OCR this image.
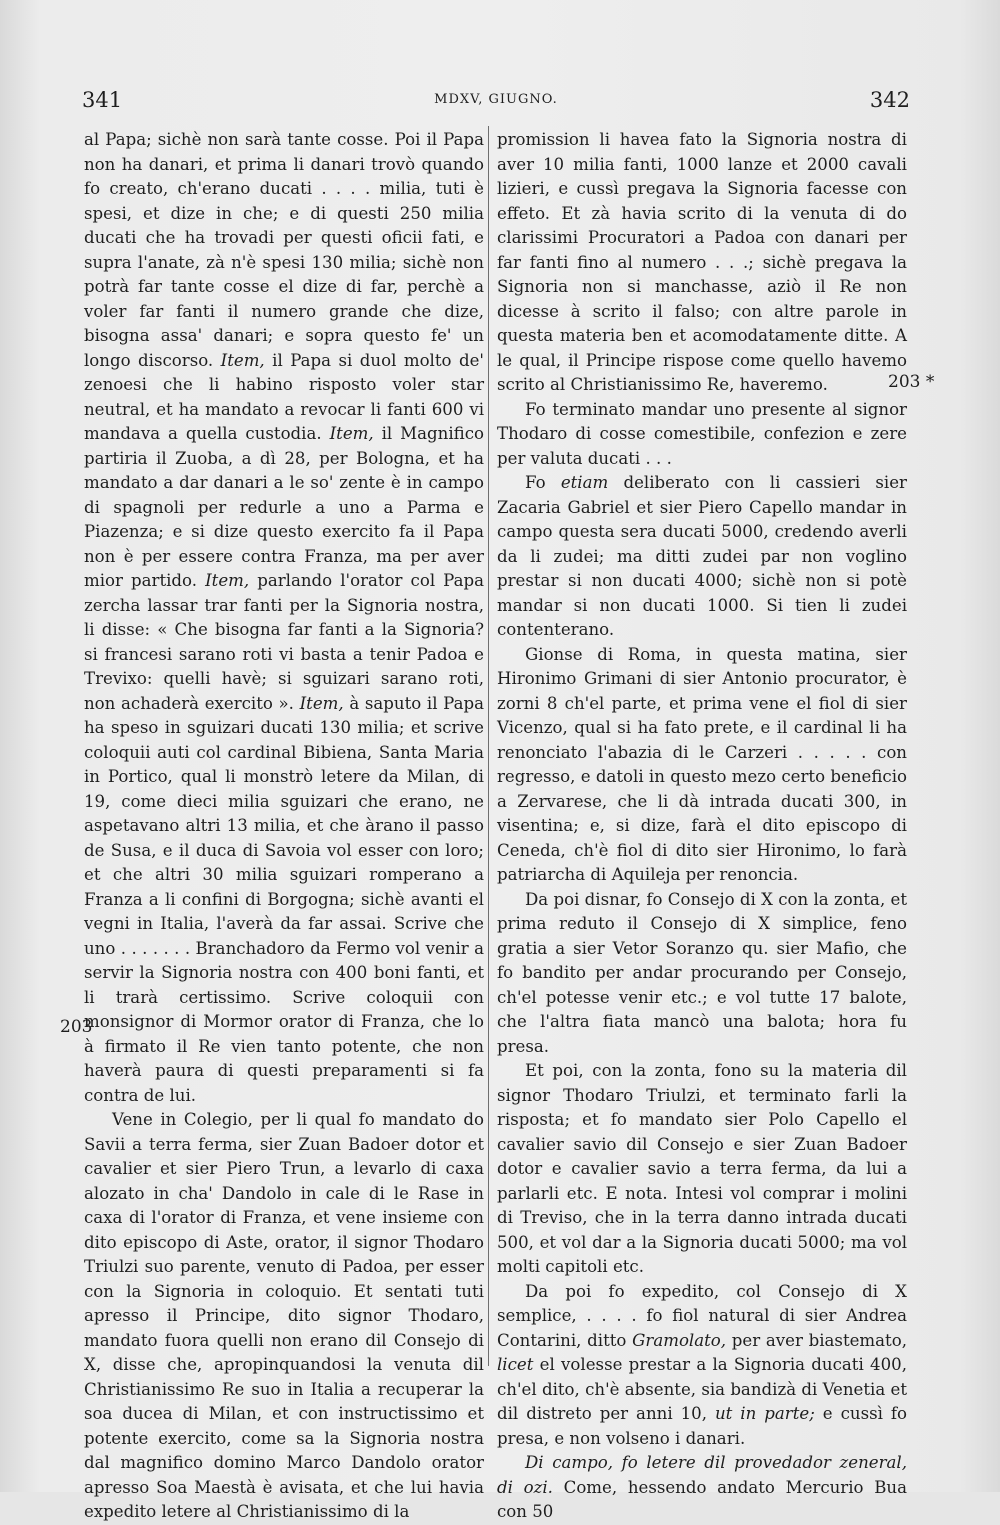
341	MDXV, GIUGNO.	342
203
203 *

al Papa; sichè non sarà tante cosse. Poi il Papa non ha danari, et prima li danari trovò quando fo creato, ch'erano ducati . . . . milia, tuti è spesi, et dize in che; e di questi 250 milia ducati che ha trovadi per questi oficii fati, e supra l'anate, zà n'è spesi 130 milia; sichè non potrà far tante cosse el dize di far, perchè a voler far fanti il numero grande che dize, bisogna assa' danari; e sopra questo fe' un longo discorso. Item, il Papa si duol molto de' zenoesi che li habino risposto voler star neutral, et ha mandato a revocar li fanti 600 vi mandava a quella custodia. Item, il Magnifico partiria il Zuoba, a dì 28, per Bologna, et ha mandato a dar danari a le so' zente è in campo di spagnoli per redurle a uno a Parma e Piazenza; e si dize questo exercito fa il Papa non è per essere contra Franza, ma per aver mior partido. Item, parlando l'orator col Papa zercha lassar trar fanti per la Signoria nostra, li disse: « Che bisogna far fanti a la Signoria? si francesi sarano roti vi basta a tenir Padoa e Trevixo: quelli havè; si sguizari sarano roti, non achaderà exercito ». Item, à saputo il Papa ha speso in sguizari ducati 130 milia; et scrive coloquii auti col cardinal Bibiena, Santa Maria in Portico, qual li monstrò letere da Milan, di 19, come dieci milia sguizari che erano, ne aspetavano altri 13 milia, et che àrano il passo de Susa, e il duca di Savoia vol esser con loro; et che altri 30 milia sguizari romperano a Franza a li confini di Borgogna; sichè avanti el vegni in Italia, l'averà da far assai. Scrive che uno . . . . . . . Branchadoro da Fermo vol venir a servir la Signoria nostra con 400 boni fanti, et li trarà certissimo. Scrive coloquii con monsignor di Mormor orator di Franza, che lo à firmato il Re vien tanto potente, che non haverà paura di questi preparamenti si fa contra de lui.

Vene in Colegio, per li qual fo mandato do Savii a terra ferma, sier Zuan Badoer dotor et cavalier et sier Piero Trun, a levarlo di caxa alozato in cha' Dandolo in cale di le Rase in caxa di l'orator di Franza, et vene insieme con dito episcopo di Aste, orator, il signor Thodaro Triulzi suo parente, venuto di Padoa, per esser con la Signoria in coloquio. Et sentati tuti apresso il Principe, dito signor Thodaro, mandato fuora quelli non erano dil Consejo di X, disse che, apropinquandosi la venuta dil Christianissimo Re suo in Italia a recuperar la soa ducea di Milan, et con instructissimo et potente exercito, come sa la Signoria nostra dal magnifico domino Marco Dandolo orator apresso Soa Maestà è avisata, et che lui havia expedito letere al Christianissimo di la

promission li havea fato la Signoria nostra di aver 10 milia fanti, 1000 lanze et 2000 cavali lizieri, e cussì pregava la Signoria facesse con effeto. Et zà havia scrito di la venuta di do clarissimi Procuratori a Padoa con danari per far fanti fino al numero . . .; sichè pregava la Signoria non si manchasse, aziò il Re non dicesse à scrito il falso; con altre parole in questa materia ben et acomodatamente ditte. A le qual, il Principe rispose come quello havemo scrito al Christianissimo Re, haveremo.

Fo terminato mandar uno presente al signor Thodaro di cosse comestibile, confezion e zere per valuta ducati . . .

Fo etiam deliberato con li cassieri sier Zacaria Gabriel et sier Piero Capello mandar in campo questa sera ducati 5000, credendo averli da li zudei; ma ditti zudei par non voglino prestar si non ducati 4000; sichè non si potè mandar si non ducati 1000. Si tien li zudei contenterano.

Gionse di Roma, in questa matina, sier Hironimo Grimani di sier Antonio procurator, è zorni 8 ch'el parte, et prima vene el fiol di sier Vicenzo, qual si ha fato prete, e il cardinal li ha renonciato l'abazia di le Carzeri . . . . . con regresso, e datoli in questo mezo certo beneficio a Zervarese, che li dà intrada ducati 300, in visentina; e, si dize, farà el dito episcopo di Ceneda, ch'è fiol di dito sier Hironimo, lo farà patriarcha di Aquileja per renoncia.

Da poi disnar, fo Consejo di X con la zonta, et prima reduto il Consejo di X simplice, feno gratia a sier Vetor Soranzo qu. sier Mafio, che fo bandito per andar procurando per Consejo, ch'el potesse venir etc.; e vol tutte 17 balote, che l'altra fiata mancò una balota; hora fu presa.

Et poi, con la zonta, fono su la materia dil signor Thodaro Triulzi, et terminato farli la risposta; et fo mandato sier Polo Capello el cavalier savio dil Consejo e sier Zuan Badoer dotor e cavalier savio a terra ferma, da lui a parlarli etc. E nota. Intesi vol comprar i molini di Treviso, che in la terra danno intrada ducati 500, et vol dar a la Signoria ducati 5000; ma vol molti capitoli etc.

Da poi fo expedito, col Consejo di X semplice, . . . . fo fiol natural di sier Andrea Contarini, ditto Gramolato, per aver biastemato, licet el volesse prestar a la Signoria ducati 400, ch'el dito, ch'è absente, sia bandizà di Venetia et dil distreto per anni 10, ut in parte; e cussì fo presa, e non volseno i danari.

Di campo, fo letere dil provedador zeneral, di ozi. Come, hessendo andato Mercurio Bua con 50
